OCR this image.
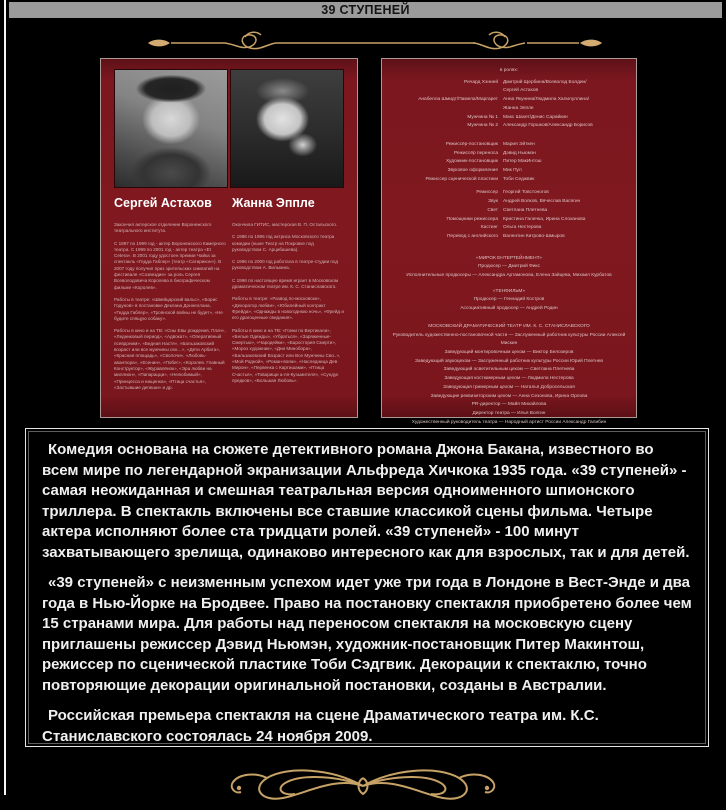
39 СТУПЕНЕЙ
Сергей Астахов	Жанна Эппле

Закончил актерское отделение Воронежского театрального института.

С 1997 по 1999 год - актер Воронежского Камерного театра. С 1999 по 2001 год - актер театра «Et Cetera». В 2001 году удостоен премии Чайка за спектакль «Гедда Габлер» (театр «Сатирикон»). В 2007 году получил приз зрительских симпатий на фестивале «Созвездие» за роль Сергея Всеволодовича Королева в биографическом фильме «Королев».

Работы в театре: «Швейцарский вальс», «Борис Годунов» в постановке Деклана Доннеллана, «Гедда Габлер», «Троянской войны не будет», «Не будите спящую собаку».

Работы в кино и на ТВ: «Сны Евы рождения, Плач», «Ледниковый период», «Адвокат», «Оперативный псевдоним», «Бедная Настя», «Бальзаковский возраст или все мужчины сво…», «Дети Арбата», «Красная площадь», «Сволочи», «Любовь-авантюра», «Есенин», «Побег», «Королев. Главный Конструктор», «Журавлёнок», «Эра любви на миллион», «Папарацци», «Нелюбимый», «Принцесса и нищенка», «Птица счастья», «Застывшие депеши» и др.

Окончила ГИТИС, мастерская В. П. Остальского.

С 1986 по 1996 год актриса Московского театра комедии (ныне Театр на Покровке под руководством С. Арцибашева).

С 1996 по 2000 год работала в театре-студии под руководством А. Вилькина.

С 1996 по настоящее время играет в Московском драматическом театре им. К. С. Станиславского.

Работы в театре: «Развод по-московски», «Декоратор любви», «Юбилейный контракт Фрейда», «Однажды в новогоднюю ночь», «Фрейд и его драгоценные свидания».

Работы в кино и на ТВ: «Гонки по Вертикали», «Белые Одежды», «Убраться», «Заряженные-Смертью», «Чародейки», «Баростория Смерти», «Мороз художник», «Дни Минобора», «Бальзаковский Возраст или Все Мужчины Сво..», «Мой Родной», «Роман-вояж», «Наследница Дев Мирон», «Первенка с Картишами», «Птица Счастья», «Товарищи а-ля-Кузьмителя», «Сундук предков», «Большая Любовь».

в ролях:
Ричард Хэнней	Дмитрий Щербина/Всеволод Болдин/
Сергей Астахов
Анабелла Шмидт/Памела/Маргарет	Анна Якунина/Людмила Халилуллина/
Жанна Эппле
Мужчина № 1	Макс Шахет/Денис Сарайкин
Мужчина № 2	Александр Горшков/Александр Борисов
Режиссёр-постановщик	Мария Эйткен
Режиссёр переноса	Дэвид Ньюмэн
Художник-постановщик	Питер МакИнтош
Звуковое оформление	Мик Пул
Режиссер сценической пластики	Тоби Седжвик
Режиссер	Георгий Товстоногов
Звук	Андрей Волков, Вячеслав Васягин
Свет	Светлана Плетнева
Помощники режиссера	Кристина Галичка, Ирина Слоханова
Кастинг	Ольга Нестерова
Перевод с английского	Валентин Китрово-Шмыров
«МИРОК ЕНТЕРТЕЙНМЕНТ»
Продюсер — Дмитрий Фикс
Исполнительные продюсеры — Александра Артамонова, Елена Зайцева, Михаил Курбатов
«ТЕНФИЛЬМ»
Продюсер — Геннадий Костров
Ассоциативный продюсер — Андрей Родин
МОСКОВСКИЙ ДРАМАТИЧЕСКИЙ ТЕАТР ИМ. К. С. СТАНИСЛАВСКОГО
Руководитель художественно-постановочной части — Заслуженный работник культуры России Алексей Мискин
Заведующий монтировочным цехом — Виктор Белозеров
Заведующий звукоцехом — Заслуженный работник культуры России Юрий Плетнев
Заведующий осветительным цехом — Светлана Плетнева
Заведующая костюмерным цехом — Людмила Нестерова
Заведующая гримерным цехом — Наталья Добросельская
Заведующие реквизиторским цехом — Анна Сезонова, Ирина Орлова
PR-директор — Майя Михайлова
Директор театра — Илья Волгин
Художественный руководитель театра — Народный артист России Александр Галибин

Комедия основана на сюжете детективного романа Джона Бакана, известного во всем мире по легендарной экранизации Альфреда Хичкока 1935 года. «39 ступеней» - самая неожиданная и смешная театральная версия одноименного шпионского триллера. В спектакль включены все ставшие классикой сцены фильма. Четыре актера исполняют более ста тридцати ролей. «39 ступеней» - 100 минут захватывающего зрелища, одинаково интересного как для взрослых, так и для детей.

«39 ступеней» с неизменным успехом идет уже три года в Лондоне в Вест-Энде и два года в Нью-Йорке на Бродвее. Право на постановку спектакля приобретено более чем 15 странами мира. Для работы над переносом спектакля на московскую сцену приглашены режиссер Дэвид Ньюмэн, художник-постановщик Питер Макинтош, режиссер по сценической пластике Тоби Сэдгвик. Декорации к спектаклю, точно повторяющие декорации оригинальной постановки, созданы в Австралии.

Российская премьера спектакля на сцене Драматического театра им. К.С. Станиславского состоялась 24 ноября 2009.
